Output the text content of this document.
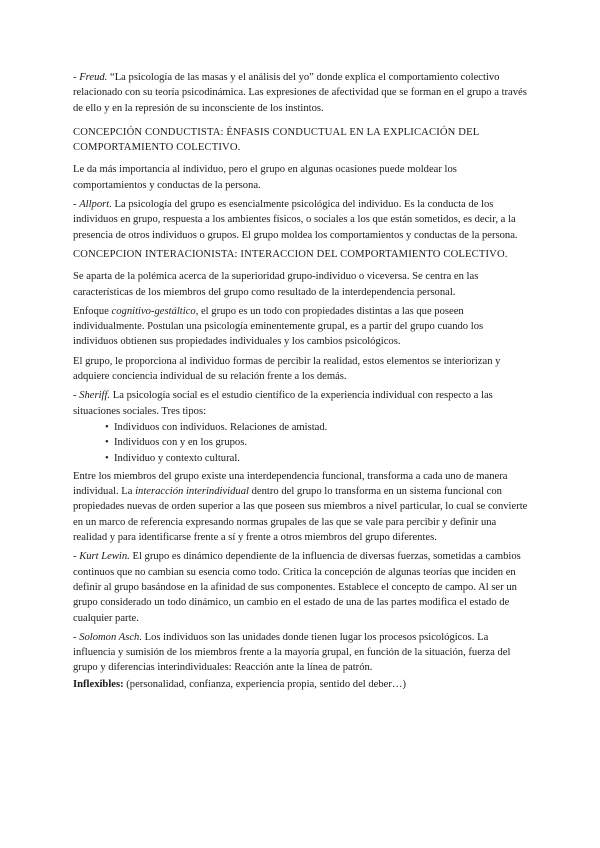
- Freud. “La psicología de las masas y el análisis del yo” donde explica el comportamiento colectivo relacionado con su teoría psicodinámica. Las expresiones de afectividad que se forman en el grupo a través de ello y en la represión de su inconsciente de los instintos.

CONCEPCIÓN CONDUCTISTA: ÉNFASIS CONDUCTUAL EN LA EXPLICACIÓN DEL COMPORTAMIENTO COLECTIVO.

Le da más importancia al individuo, pero el grupo en algunas ocasiones puede moldear los comportamientos y conductas de la persona.

- Allport. La psicología del grupo es esencialmente psicológica del individuo. Es la conducta de los individuos en grupo, respuesta a los ambientes físicos, o sociales a los que están sometidos, es decir, a la presencia de otros individuos o grupos. El grupo moldea los comportamientos y conductas de la persona.

CONCEPCION INTERACIONISTA: INTERACCION DEL COMPORTAMIENTO COLECTIVO.

Se aparta de la polémica acerca de la superioridad grupo-individuo o viceversa. Se centra en las características de los miembros del grupo como resultado de la interdependencia personal.

Enfoque cognitivo-gestáltico, el grupo es un todo con propiedades distintas a las que poseen individualmente. Postulan una psicología eminentemente grupal, es a partir del grupo cuando los individuos obtienen sus propiedades individuales y los cambios psicológicos.

El grupo, le proporciona al individuo formas de percibir la realidad, estos elementos se interiorizan y adquiere conciencia individual de su relación frente a los demás.

- Sheriff. La psicología social es el estudio científico de la experiencia individual con respecto a las situaciones sociales. Tres tipos:

• Individuos con individuos. Relaciones de amistad.
• Individuos con y en los grupos.
• Individuo y contexto cultural.

Entre los miembros del grupo existe una interdependencia funcional, transforma a cada uno de manera individual. La interacción interindividual dentro del grupo lo transforma en un sistema funcional con propiedades nuevas de orden superior a las que poseen sus miembros a nivel particular, lo cual se convierte en un marco de referencia expresando normas grupales de las que se vale para percibir y definir una realidad y para identificarse frente a sí y frente a otros miembros del grupo diferentes.

- Kurt Lewin. El grupo es dinámico dependiente de la influencia de diversas fuerzas, sometidas a cambios continuos que no cambian su esencia como todo. Critica la concepción de algunas teorías que inciden en definir al grupo basándose en la afinidad de sus componentes. Establece el concepto de campo. Al ser un grupo considerado un todo dinámico, un cambio en el estado de una de las partes modifica el estado de cualquier parte.

- Solomon Asch. Los individuos son las unidades donde tienen lugar los procesos psicológicos. La influencia y sumisión de los miembros frente a la mayoría grupal, en función de la situación, fuerza del grupo y diferencias interindividuales: Reacción ante la línea de patrón.

Inflexibles: (personalidad, confianza, experiencia propia, sentido del deber…)
